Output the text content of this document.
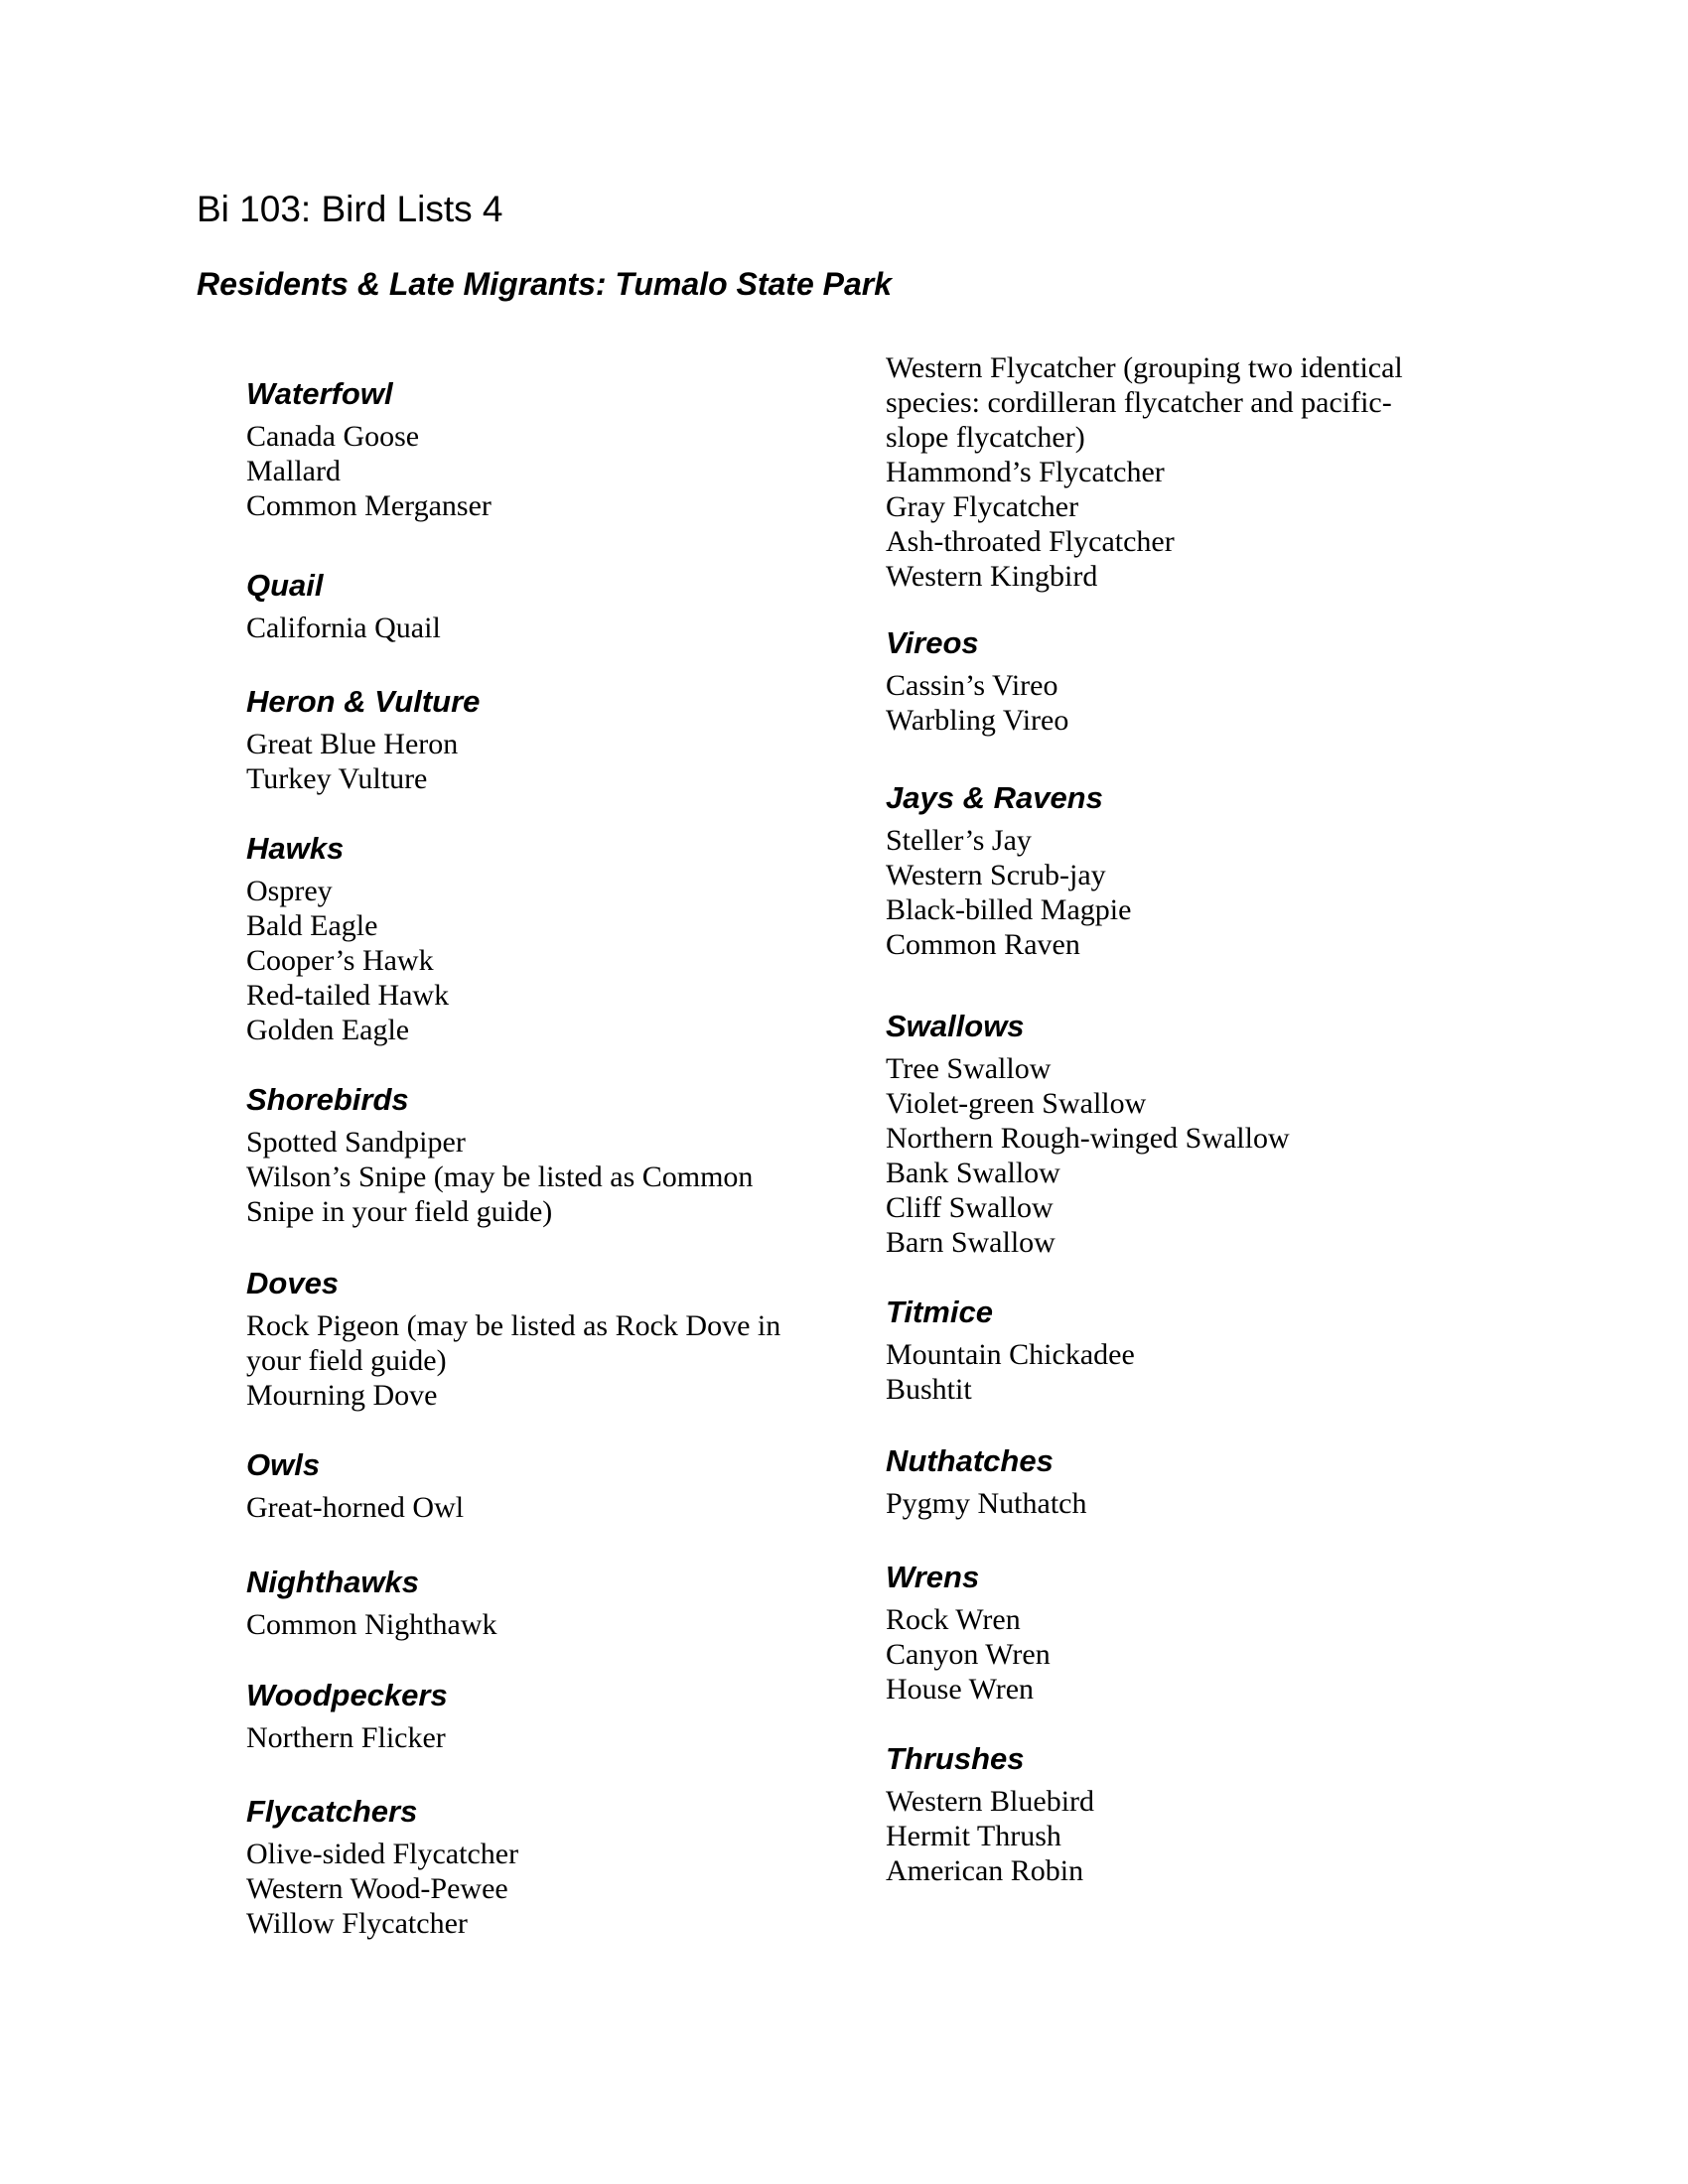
Bi 103: Bird Lists 4
Residents & Late Migrants: Tumalo State Park
Waterfowl
Canada Goose
Mallard
Common Merganser
Quail
California Quail
Heron & Vulture
Great Blue Heron
Turkey Vulture
Hawks
Osprey
Bald Eagle
Cooper’s Hawk
Red-tailed Hawk
Golden Eagle
Shorebirds
Spotted Sandpiper
Wilson’s Snipe (may be listed as Common Snipe in your field guide)
Doves
Rock Pigeon (may be listed as Rock Dove in your field guide)
Mourning Dove
Owls
Great-horned Owl
Nighthawks
Common Nighthawk
Woodpeckers
Northern Flicker
Flycatchers
Olive-sided Flycatcher
Western Wood-Pewee
Willow Flycatcher
Western Flycatcher (grouping two identical species: cordilleran flycatcher and pacific-slope flycatcher)
Hammond’s Flycatcher
Gray Flycatcher
Ash-throated Flycatcher
Western Kingbird
Vireos
Cassin’s Vireo
Warbling Vireo
Jays & Ravens
Steller’s Jay
Western Scrub-jay
Black-billed Magpie
Common Raven
Swallows
Tree Swallow
Violet-green Swallow
Northern Rough-winged Swallow
Bank Swallow
Cliff Swallow
Barn Swallow
Titmice
Mountain Chickadee
Bushtit
Nuthatches
Pygmy Nuthatch
Wrens
Rock Wren
Canyon Wren
House Wren
Thrushes
Western Bluebird
Hermit Thrush
American Robin
